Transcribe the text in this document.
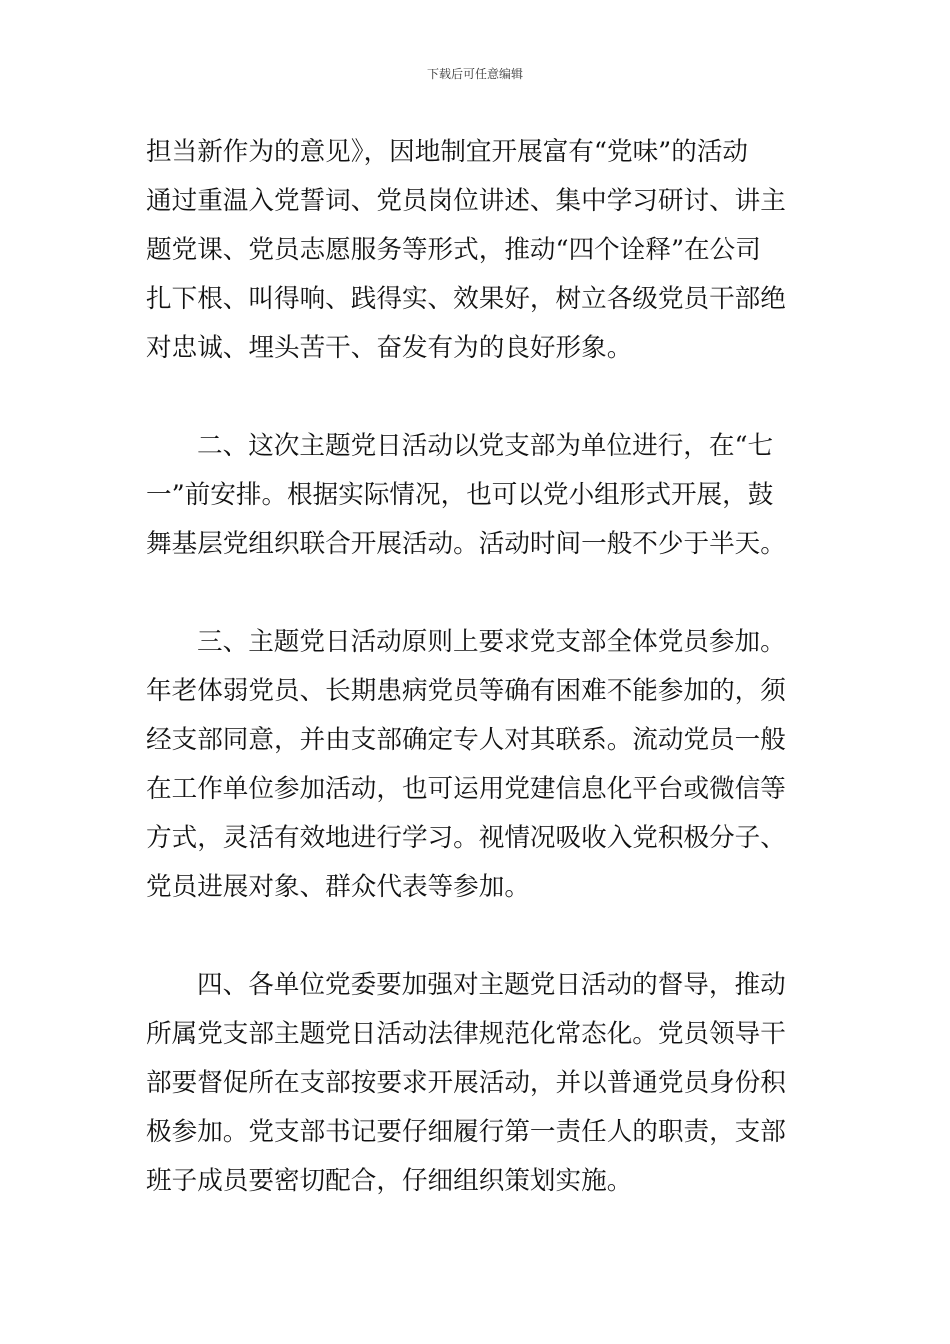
下载后可任意编辑
担当新作为的意见》，因地制宜开展富有“党味”的活动
通过重温入党誓词、党员岗位讲述、集中学习研讨、讲主
题党课、党员志愿服务等形式，推动“四个诠释”在公司
扎下根、叫得响、践得实、效果好，树立各级党员干部绝
对忠诚、埋头苦干、奋发有为的良好形象。
二、这次主题党日活动以党支部为单位进行，在“七
一”前安排。根据实际情况，也可以党小组形式开展，鼓
舞基层党组织联合开展活动。活动时间一般不少于半天。
三、主题党日活动原则上要求党支部全体党员参加。
年老体弱党员、长期患病党员等确有困难不能参加的，须
经支部同意，并由支部确定专人对其联系。流动党员一般
在工作单位参加活动，也可运用党建信息化平台或微信等
方式，灵活有效地进行学习。视情况吸收入党积极分子、
党员进展对象、群众代表等参加。
四、各单位党委要加强对主题党日活动的督导，推动
所属党支部主题党日活动法律规范化常态化。党员领导干
部要督促所在支部按要求开展活动，并以普通党员身份积
极参加。党支部书记要仔细履行第一责任人的职责，支部
班子成员要密切配合，仔细组织策划实施。
